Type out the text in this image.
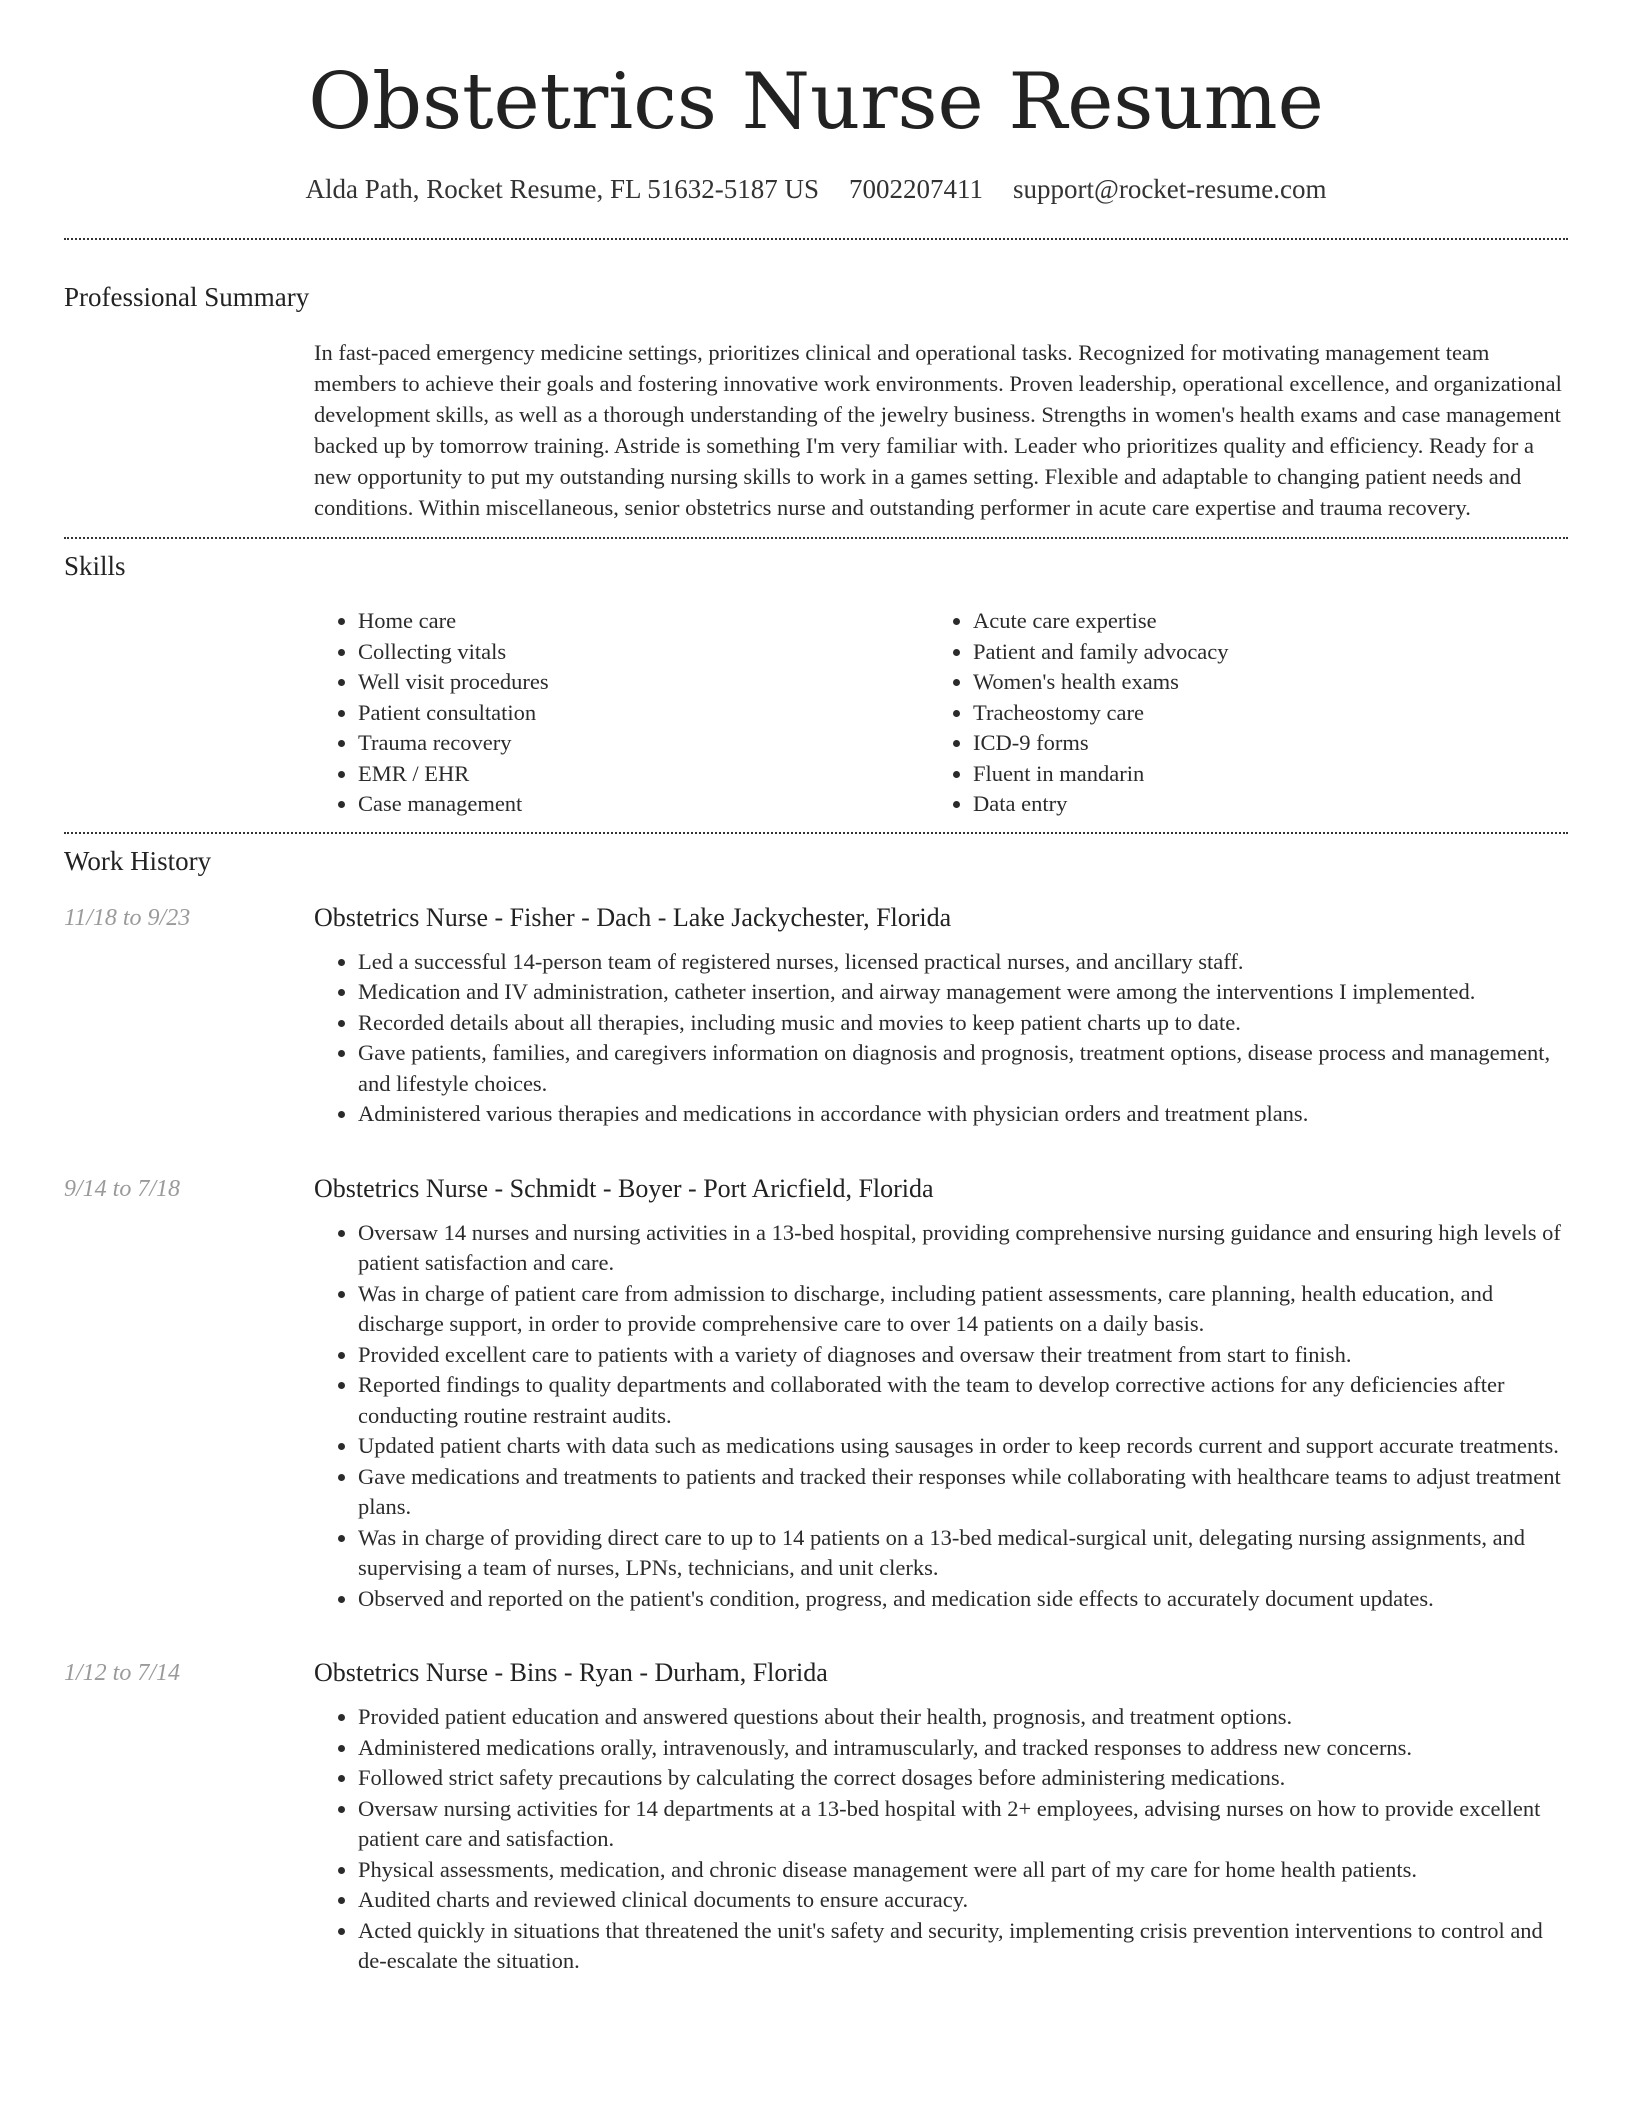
Obstetrics Nurse Resume
Alda Path, Rocket Resume, FL 51632-5187 US 7002207411 support@rocket-resume.com
Professional Summary
In fast-paced emergency medicine settings, prioritizes clinical and operational tasks. Recognized for motivating management team members to achieve their goals and fostering innovative work environments. Proven leadership, operational excellence, and organizational development skills, as well as a thorough understanding of the jewelry business. Strengths in women's health exams and case management backed up by tomorrow training. Astride is something I'm very familiar with. Leader who prioritizes quality and efficiency. Ready for a new opportunity to put my outstanding nursing skills to work in a games setting. Flexible and adaptable to changing patient needs and conditions. Within miscellaneous, senior obstetrics nurse and outstanding performer in acute care expertise and trauma recovery.
Skills
• Home care
• Collecting vitals
• Well visit procedures
• Patient consultation
• Trauma recovery
• EMR / EHR
• Case management
• Acute care expertise
• Patient and family advocacy
• Women's health exams
• Tracheostomy care
• ICD-9 forms
• Fluent in mandarin
• Data entry
Work History
11/18 to 9/23	Obstetrics Nurse - Fisher - Dach - Lake Jackychester, Florida
• Led a successful 14-person team of registered nurses, licensed practical nurses, and ancillary staff.
• Medication and IV administration, catheter insertion, and airway management were among the interventions I implemented.
• Recorded details about all therapies, including music and movies to keep patient charts up to date.
• Gave patients, families, and caregivers information on diagnosis and prognosis, treatment options, disease process and management, and lifestyle choices.
• Administered various therapies and medications in accordance with physician orders and treatment plans.
9/14 to 7/18	Obstetrics Nurse - Schmidt - Boyer - Port Aricfield, Florida
• Oversaw 14 nurses and nursing activities in a 13-bed hospital, providing comprehensive nursing guidance and ensuring high levels of patient satisfaction and care.
• Was in charge of patient care from admission to discharge, including patient assessments, care planning, health education, and discharge support, in order to provide comprehensive care to over 14 patients on a daily basis.
• Provided excellent care to patients with a variety of diagnoses and oversaw their treatment from start to finish.
• Reported findings to quality departments and collaborated with the team to develop corrective actions for any deficiencies after conducting routine restraint audits.
• Updated patient charts with data such as medications using sausages in order to keep records current and support accurate treatments.
• Gave medications and treatments to patients and tracked their responses while collaborating with healthcare teams to adjust treatment plans.
• Was in charge of providing direct care to up to 14 patients on a 13-bed medical-surgical unit, delegating nursing assignments, and supervising a team of nurses, LPNs, technicians, and unit clerks.
• Observed and reported on the patient's condition, progress, and medication side effects to accurately document updates.
1/12 to 7/14	Obstetrics Nurse - Bins - Ryan - Durham, Florida
• Provided patient education and answered questions about their health, prognosis, and treatment options.
• Administered medications orally, intravenously, and intramuscularly, and tracked responses to address new concerns.
• Followed strict safety precautions by calculating the correct dosages before administering medications.
• Oversaw nursing activities for 14 departments at a 13-bed hospital with 2+ employees, advising nurses on how to provide excellent patient care and satisfaction.
• Physical assessments, medication, and chronic disease management were all part of my care for home health patients.
• Audited charts and reviewed clinical documents to ensure accuracy.
• Acted quickly in situations that threatened the unit's safety and security, implementing crisis prevention interventions to control and de-escalate the situation.
